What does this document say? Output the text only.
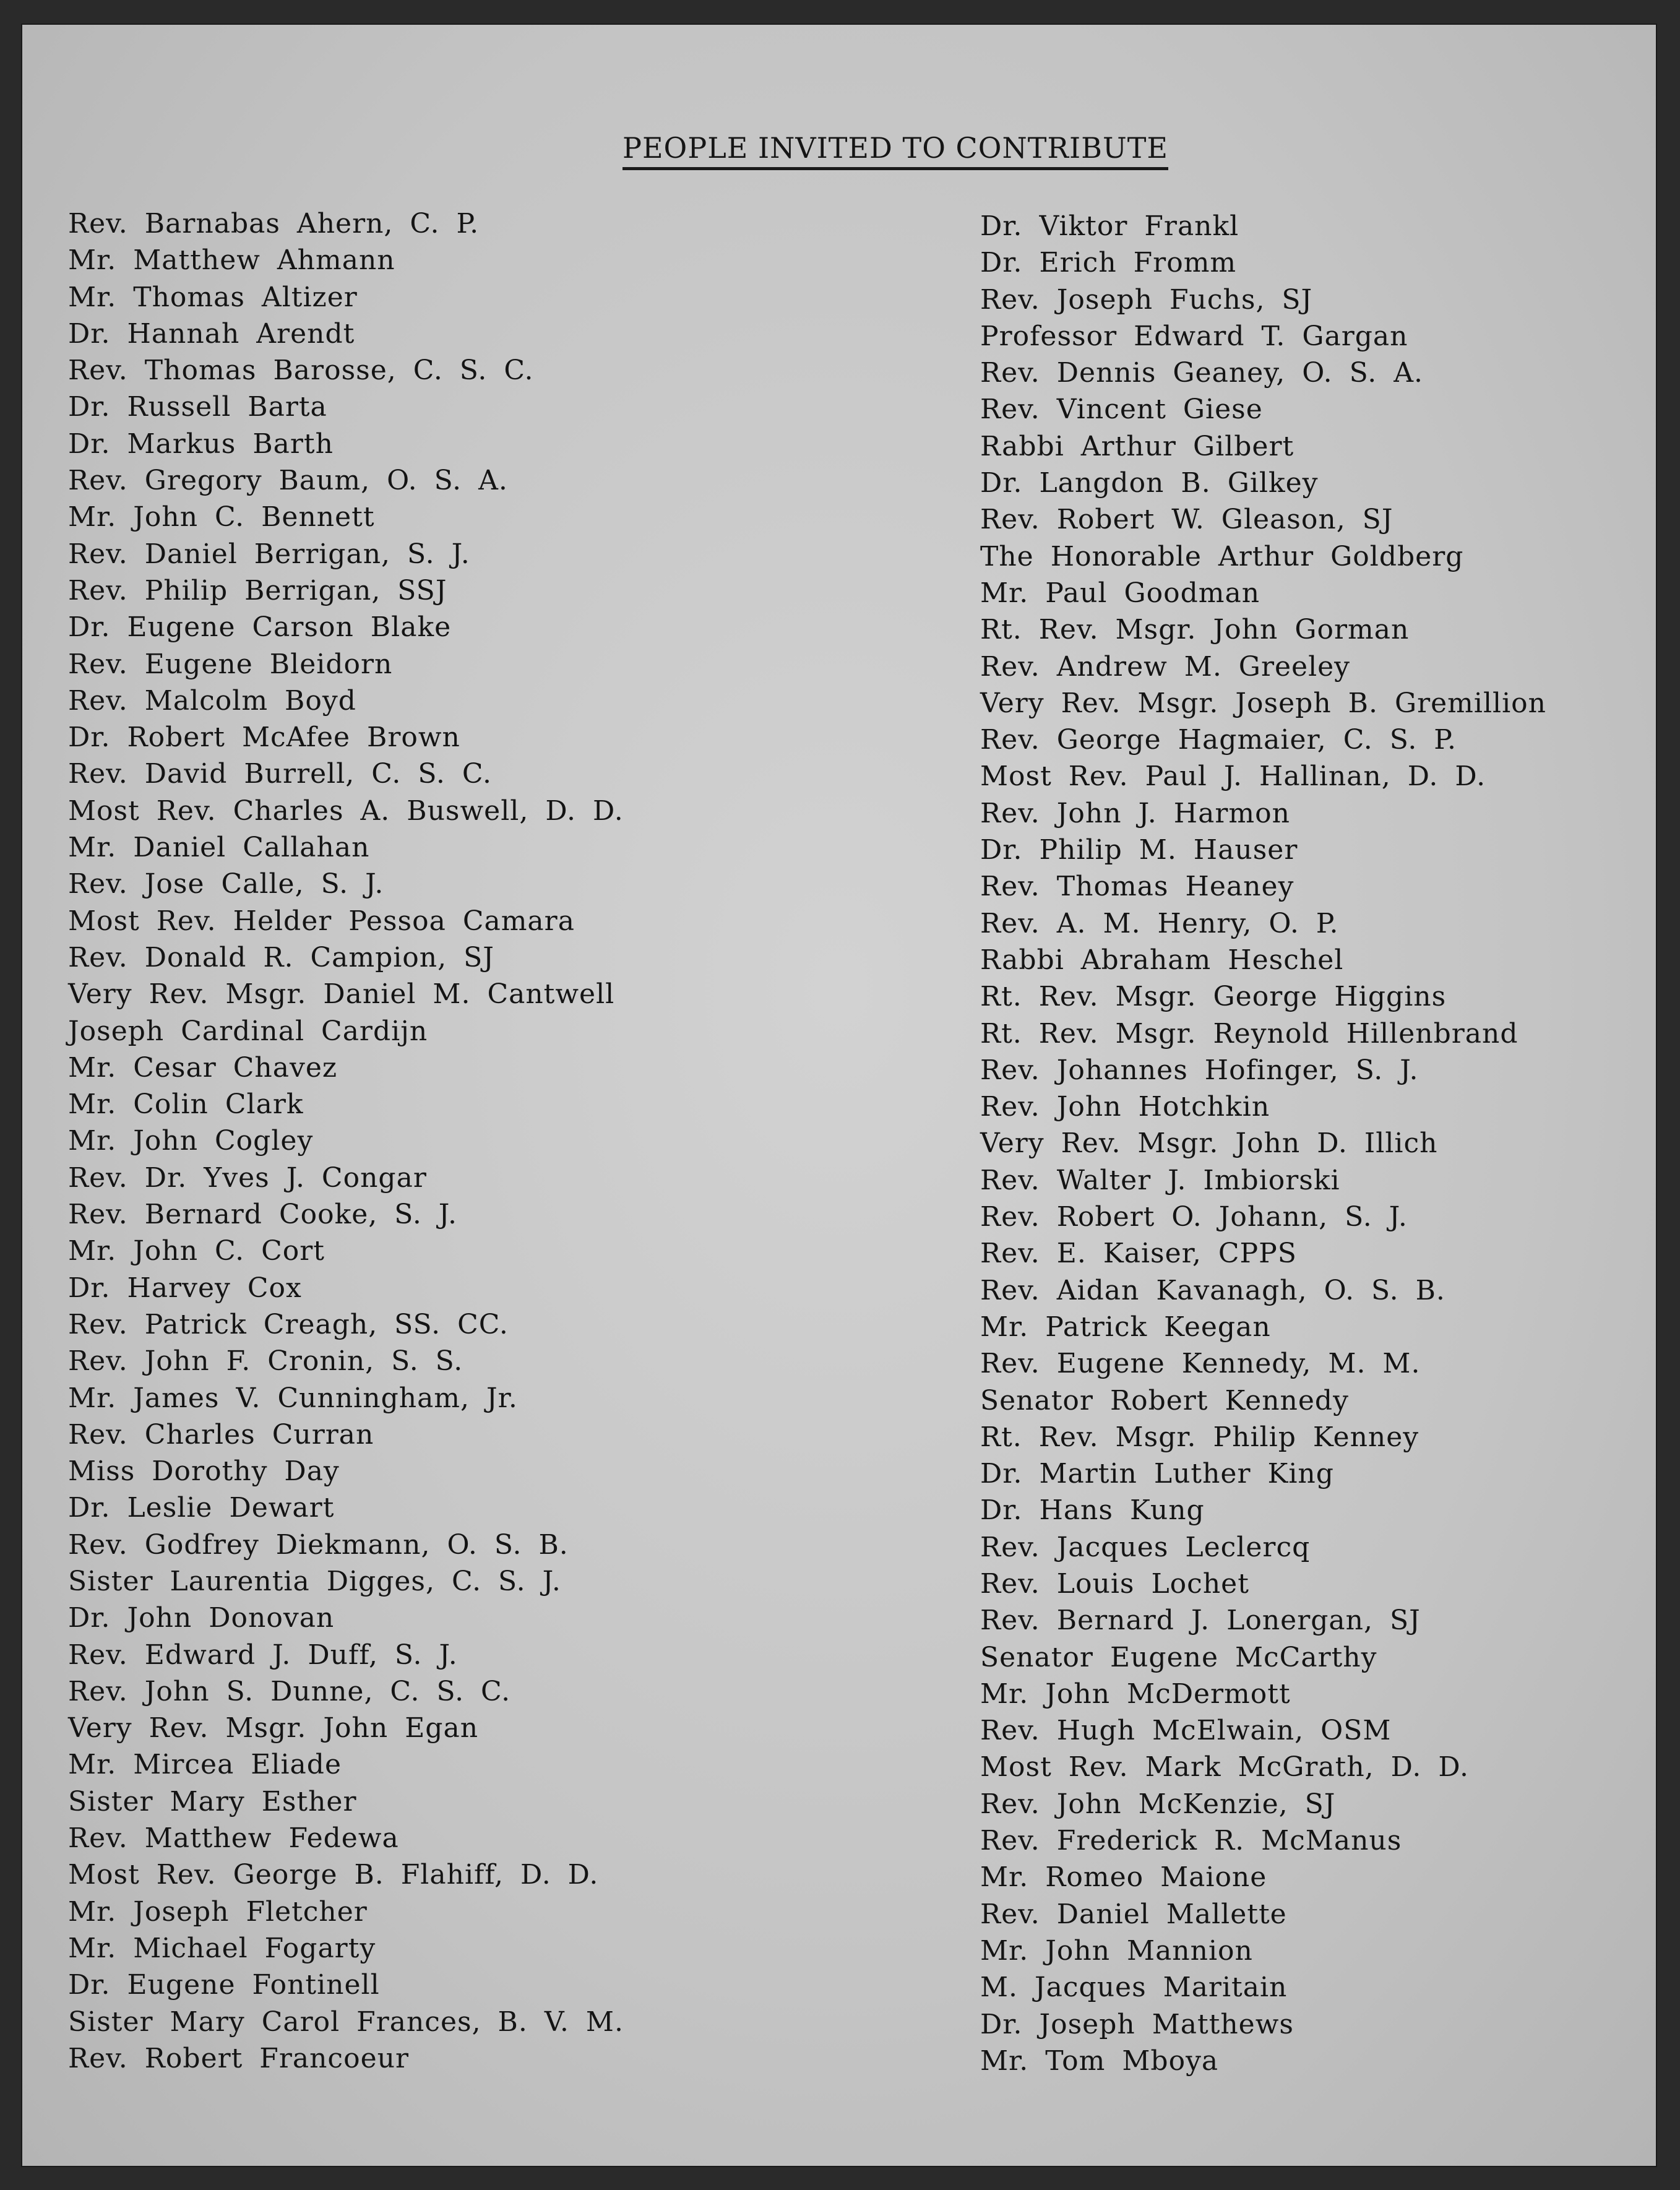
PEOPLE INVITED TO CONTRIBUTE
Rev. Barnabas Ahern, C. P.
Mr. Matthew Ahmann
Mr. Thomas Altizer
Dr. Hannah Arendt
Rev. Thomas Barosse, C. S. C.
Dr. Russell Barta
Dr. Markus Barth
Rev. Gregory Baum, O. S. A.
Mr. John C. Bennett
Rev. Daniel Berrigan, S. J.
Rev. Philip Berrigan, SSJ
Dr. Eugene Carson Blake
Rev. Eugene Bleidorn
Rev. Malcolm Boyd
Dr. Robert McAfee Brown
Rev. David Burrell, C. S. C.
Most Rev. Charles A. Buswell, D. D.
Mr. Daniel Callahan
Rev. Jose Calle, S. J.
Most Rev. Helder Pessoa Camara
Rev. Donald R. Campion, SJ
Very Rev. Msgr. Daniel M. Cantwell
Joseph Cardinal Cardijn
Mr. Cesar Chavez
Mr. Colin Clark
Mr. John Cogley
Rev. Dr. Yves J. Congar
Rev. Bernard Cooke, S. J.
Mr. John C. Cort
Dr. Harvey Cox
Rev. Patrick Creagh, SS. CC.
Rev. John F. Cronin, S. S.
Mr. James V. Cunningham, Jr.
Rev. Charles Curran
Miss Dorothy Day
Dr. Leslie Dewart
Rev. Godfrey Diekmann, O. S. B.
Sister Laurentia Digges, C. S. J.
Dr. John Donovan
Rev. Edward J. Duff, S. J.
Rev. John S. Dunne, C. S. C.
Very Rev. Msgr. John Egan
Mr. Mircea Eliade
Sister Mary Esther
Rev. Matthew Fedewa
Most Rev. George B. Flahiff, D. D.
Mr. Joseph Fletcher
Mr. Michael Fogarty
Dr. Eugene Fontinell
Sister Mary Carol Frances, B. V. M.
Rev. Robert Francoeur
Dr. Viktor Frankl
Dr. Erich Fromm
Rev. Joseph Fuchs, SJ
Professor Edward T. Gargan
Rev. Dennis Geaney, O. S. A.
Rev. Vincent Giese
Rabbi Arthur Gilbert
Dr. Langdon B. Gilkey
Rev. Robert W. Gleason, SJ
The Honorable Arthur Goldberg
Mr. Paul Goodman
Rt. Rev. Msgr. John Gorman
Rev. Andrew M. Greeley
Very Rev. Msgr. Joseph B. Gremillion
Rev. George Hagmaier, C. S. P.
Most Rev. Paul J. Hallinan, D. D.
Rev. John J. Harmon
Dr. Philip M. Hauser
Rev. Thomas Heaney
Rev. A. M. Henry, O. P.
Rabbi Abraham Heschel
Rt. Rev. Msgr. George Higgins
Rt. Rev. Msgr. Reynold Hillenbrand
Rev. Johannes Hofinger, S. J.
Rev. John Hotchkin
Very Rev. Msgr. John D. Illich
Rev. Walter J. Imbiorski
Rev. Robert O. Johann, S. J.
Rev. E. Kaiser, CPPS
Rev. Aidan Kavanagh, O. S. B.
Mr. Patrick Keegan
Rev. Eugene Kennedy, M. M.
Senator Robert Kennedy
Rt. Rev. Msgr. Philip Kenney
Dr. Martin Luther King
Dr. Hans Kung
Rev. Jacques Leclercq
Rev. Louis Lochet
Rev. Bernard J. Lonergan, SJ
Senator Eugene McCarthy
Mr. John McDermott
Rev. Hugh McElwain, OSM
Most Rev. Mark McGrath, D. D.
Rev. John McKenzie, SJ
Rev. Frederick R. McManus
Mr. Romeo Maione
Rev. Daniel Mallette
Mr. John Mannion
M. Jacques Maritain
Dr. Joseph Matthews
Mr. Tom Mboya
